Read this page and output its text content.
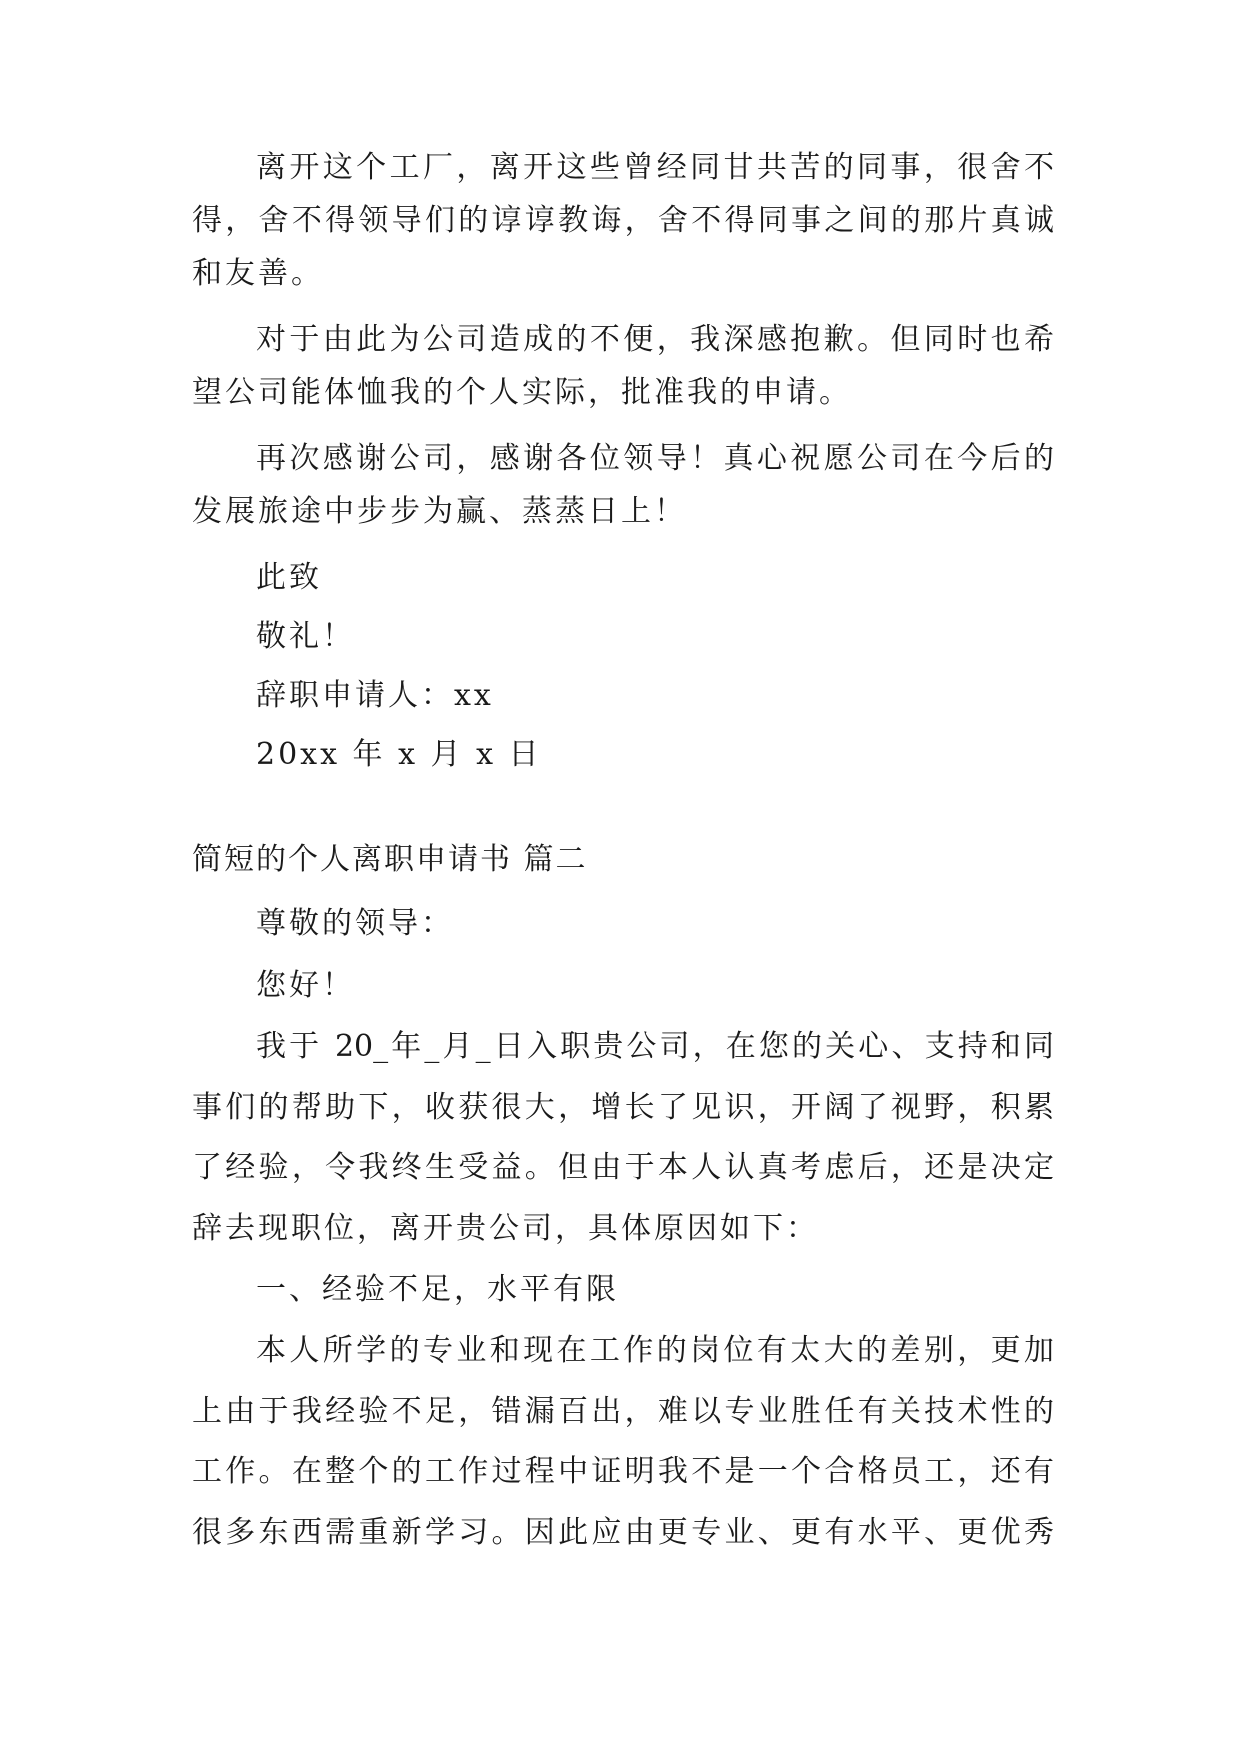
离开这个工厂，离开这些曾经同甘共苦的同事，很舍不
得，舍不得领导们的谆谆教诲，舍不得同事之间的那片真诚
和友善。
对于由此为公司造成的不便，我深感抱歉。但同时也希
望公司能体恤我的个人实际，批准我的申请。
再次感谢公司，感谢各位领导！真心祝愿公司在今后的
发展旅途中步步为赢、蒸蒸日上！
此致
敬礼！
辞职申请人：xx
20xx 年 x 月 x 日
简短的个人离职申请书 篇二
尊敬的领导：
您好！
我于 20_年_月_日入职贵公司，在您的关心、支持和同
事们的帮助下，收获很大，增长了见识，开阔了视野，积累
了经验，令我终生受益。但由于本人认真考虑后，还是决定
辞去现职位，离开贵公司，具体原因如下：
一、经验不足，水平有限
本人所学的专业和现在工作的岗位有太大的差别，更加
上由于我经验不足，错漏百出，难以专业胜任有关技术性的
工作。在整个的工作过程中证明我不是一个合格员工，还有
很多东西需重新学习。因此应由更专业、更有水平、更优秀
